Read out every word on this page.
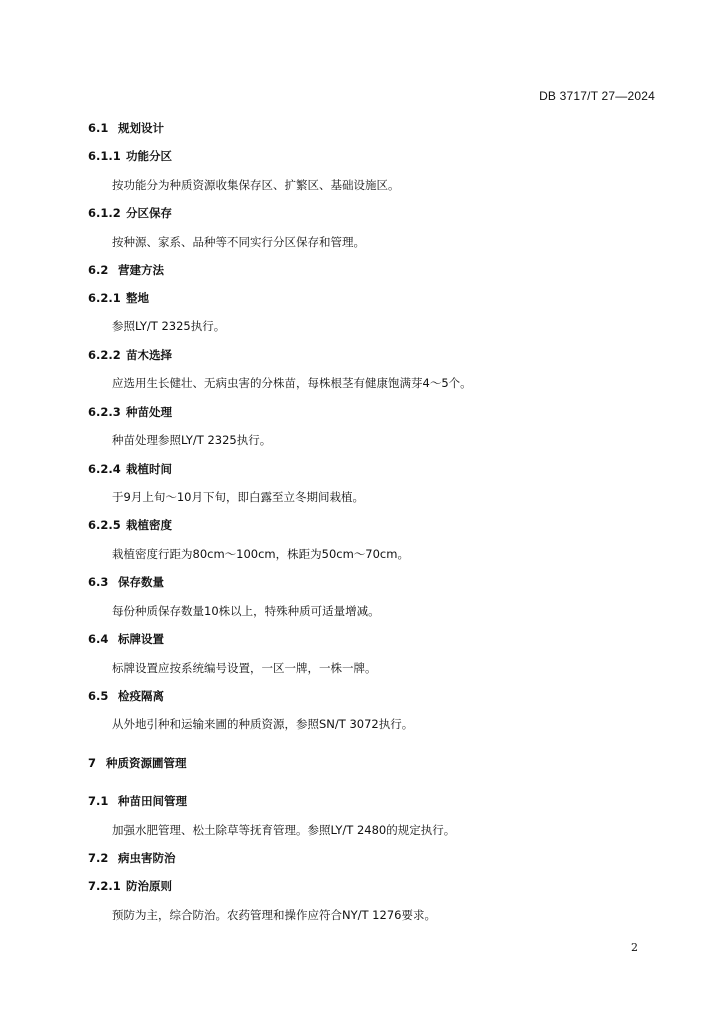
DB 3717/T 27—2024
6.1 规划设计
6.1.1 功能分区
按功能分为种质资源收集保存区、扩繁区、基础设施区。
6.1.2 分区保存
按种源、家系、品种等不同实行分区保存和管理。
6.2 营建方法
6.2.1 整地
参照LY/T 2325执行。
6.2.2 苗木选择
应选用生长健壮、无病虫害的分株苗，每株根茎有健康饱满芽4～5个。
6.2.3 种苗处理
种苗处理参照LY/T 2325执行。
6.2.4 栽植时间
于9月上旬～10月下旬，即白露至立冬期间栽植。
6.2.5 栽植密度
栽植密度行距为80cm～100cm，株距为50cm～70cm。
6.3 保存数量
每份种质保存数量10株以上，特殊种质可适量增减。
6.4 标牌设置
标牌设置应按系统编号设置，一区一牌，一株一牌。
6.5 检疫隔离
从外地引种和运输来圃的种质资源，参照SN/T 3072执行。
7 种质资源圃管理
7.1 种苗田间管理
加强水肥管理、松土除草等抚育管理。参照LY/T 2480的规定执行。
7.2 病虫害防治
7.2.1 防治原则
预防为主，综合防治。农药管理和操作应符合NY/T 1276要求。
2
